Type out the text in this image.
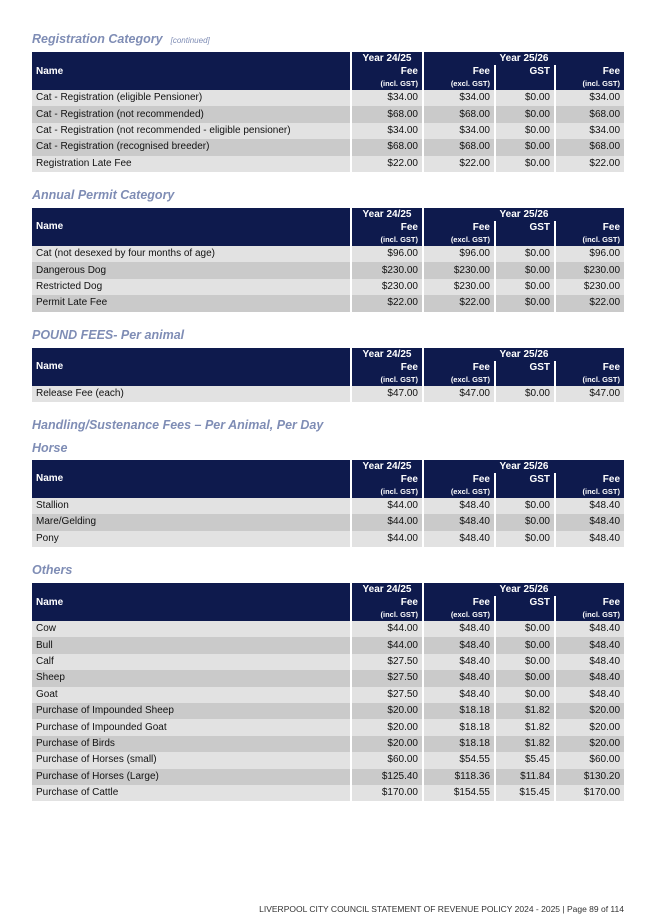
Registration Category [continued]
Name	Year 24/25	Year 25/26		
	Fee	Fee	GST	Fee
	(incl. GST)	(excl. GST)		(incl. GST)
Cat - Registration (eligible Pensioner)	$34.00	$34.00	$0.00	$34.00
Cat - Registration (not recommended)	$68.00	$68.00	$0.00	$68.00
Cat - Registration (not recommended - eligible pensioner)	$34.00	$34.00	$0.00	$34.00
Cat - Registration (recognised breeder)	$68.00	$68.00	$0.00	$68.00
Registration Late Fee	$22.00	$22.00	$0.00	$22.00
Annual Permit Category
Name	Year 24/25	Year 25/26		
	Fee	Fee	GST	Fee
	(incl. GST)	(excl. GST)		(incl. GST)
Cat (not desexed by four months of age)	$96.00	$96.00	$0.00	$96.00
Dangerous Dog	$230.00	$230.00	$0.00	$230.00
Restricted Dog	$230.00	$230.00	$0.00	$230.00
Permit Late Fee	$22.00	$22.00	$0.00	$22.00
POUND FEES- Per animal
Name	Year 24/25	Year 25/26		
	Fee	Fee	GST	Fee
	(incl. GST)	(excl. GST)		(incl. GST)
Release Fee (each)	$47.00	$47.00	$0.00	$47.00
Handling/Sustenance Fees – Per Animal, Per Day
Horse
Name	Year 24/25	Year 25/26		
	Fee	Fee	GST	Fee
	(incl. GST)	(excl. GST)		(incl. GST)
Stallion	$44.00	$48.40	$0.00	$48.40
Mare/Gelding	$44.00	$48.40	$0.00	$48.40
Pony	$44.00	$48.40	$0.00	$48.40
Others
Name	Year 24/25	Year 25/26		
	Fee	Fee	GST	Fee
	(incl. GST)	(excl. GST)		(incl. GST)
Cow	$44.00	$48.40	$0.00	$48.40
Bull	$44.00	$48.40	$0.00	$48.40
Calf	$27.50	$48.40	$0.00	$48.40
Sheep	$27.50	$48.40	$0.00	$48.40
Goat	$27.50	$48.40	$0.00	$48.40
Purchase of Impounded Sheep	$20.00	$18.18	$1.82	$20.00
Purchase of Impounded Goat	$20.00	$18.18	$1.82	$20.00
Purchase of Birds	$20.00	$18.18	$1.82	$20.00
Purchase of Horses (small)	$60.00	$54.55	$5.45	$60.00
Purchase of Horses (Large)	$125.40	$118.36	$11.84	$130.20
Purchase of Cattle	$170.00	$154.55	$15.45	$170.00
LIVERPOOL CITY COUNCIL STATEMENT OF REVENUE POLICY 2024 - 2025 | Page 89 of 114
